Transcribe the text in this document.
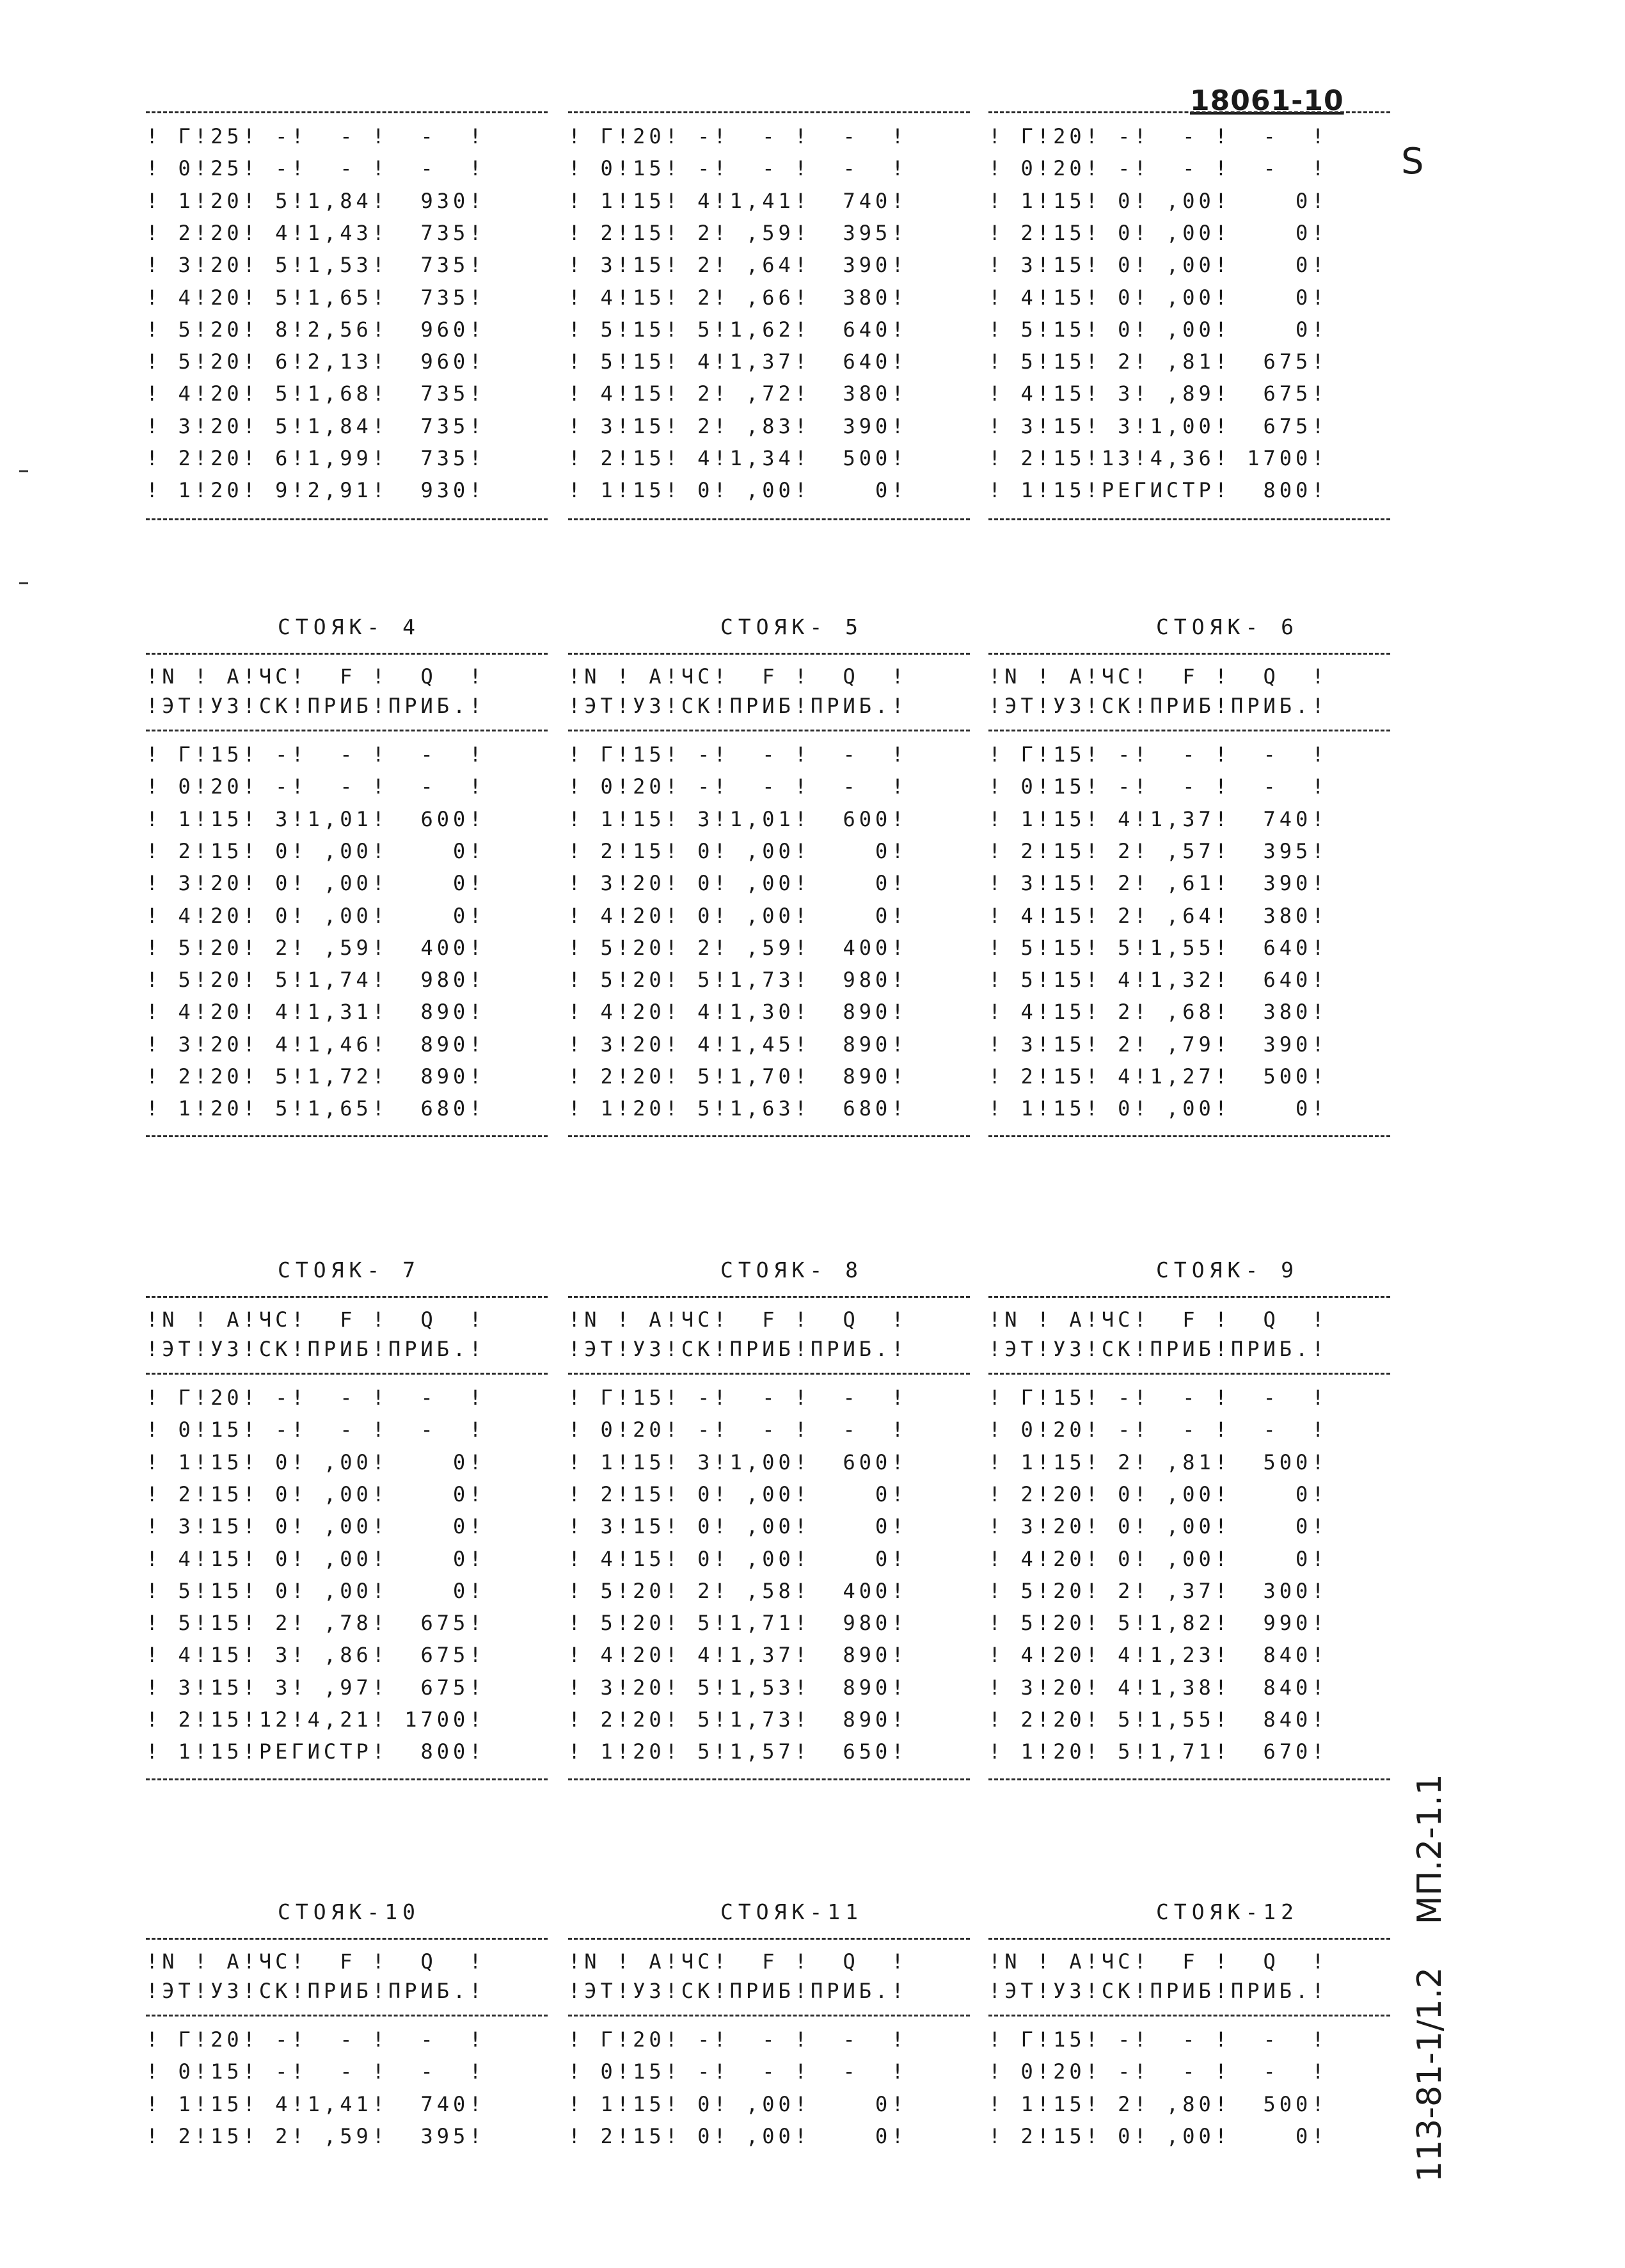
18061-10
S
113-81-1/1.2 МП.2-1.1
! Г!25! -!  - !  -  !
! 0!25! -!  - !  -  !
! 1!20! 5!1,84!  930!
! 2!20! 4!1,43!  735!
! 3!20! 5!1,53!  735!
! 4!20! 5!1,65!  735!
! 5!20! 8!2,56!  960!
! 5!20! 6!2,13!  960!
! 4!20! 5!1,68!  735!
! 3!20! 5!1,84!  735!
! 2!20! 6!1,99!  735!
! 1!20! 9!2,91!  930!
! Г!20! -!  - !  -  !
! 0!15! -!  - !  -  !
! 1!15! 4!1,41!  740!
! 2!15! 2! ,59!  395!
! 3!15! 2! ,64!  390!
! 4!15! 2! ,66!  380!
! 5!15! 5!1,62!  640!
! 5!15! 4!1,37!  640!
! 4!15! 2! ,72!  380!
! 3!15! 2! ,83!  390!
! 2!15! 4!1,34!  500!
! 1!15! 0! ,00!    0!
! Г!20! -!  - !  -  !
! 0!20! -!  - !  -  !
! 1!15! 0! ,00!    0!
! 2!15! 0! ,00!    0!
! 3!15! 0! ,00!    0!
! 4!15! 0! ,00!    0!
! 5!15! 0! ,00!    0!
! 5!15! 2! ,81!  675!
! 4!15! 3! ,89!  675!
! 3!15! 3!1,00!  675!
! 2!15!13!4,36! 1700!
! 1!15!РЕГИСТР!  800!
СТОЯК- 4
!N ! А!ЧС!  F !  Q  !
!ЭТ!УЗ!СК!ПРИБ!ПРИБ.!
! Г!15! -!  - !  -  !
! 0!20! -!  - !  -  !
! 1!15! 3!1,01!  600!
! 2!15! 0! ,00!    0!
! 3!20! 0! ,00!    0!
! 4!20! 0! ,00!    0!
! 5!20! 2! ,59!  400!
! 5!20! 5!1,74!  980!
! 4!20! 4!1,31!  890!
! 3!20! 4!1,46!  890!
! 2!20! 5!1,72!  890!
! 1!20! 5!1,65!  680!
СТОЯК- 5
!N ! А!ЧС!  F !  Q  !
!ЭТ!УЗ!СК!ПРИБ!ПРИБ.!
! Г!15! -!  - !  -  !
! 0!20! -!  - !  -  !
! 1!15! 3!1,01!  600!
! 2!15! 0! ,00!    0!
! 3!20! 0! ,00!    0!
! 4!20! 0! ,00!    0!
! 5!20! 2! ,59!  400!
! 5!20! 5!1,73!  980!
! 4!20! 4!1,30!  890!
! 3!20! 4!1,45!  890!
! 2!20! 5!1,70!  890!
! 1!20! 5!1,63!  680!
СТОЯК- 6
!N ! А!ЧС!  F !  Q  !
!ЭТ!УЗ!СК!ПРИБ!ПРИБ.!
! Г!15! -!  - !  -  !
! 0!15! -!  - !  -  !
! 1!15! 4!1,37!  740!
! 2!15! 2! ,57!  395!
! 3!15! 2! ,61!  390!
! 4!15! 2! ,64!  380!
! 5!15! 5!1,55!  640!
! 5!15! 4!1,32!  640!
! 4!15! 2! ,68!  380!
! 3!15! 2! ,79!  390!
! 2!15! 4!1,27!  500!
! 1!15! 0! ,00!    0!
СТОЯК- 7
!N ! А!ЧС!  F !  Q  !
!ЭТ!УЗ!СК!ПРИБ!ПРИБ.!
! Г!20! -!  - !  -  !
! 0!15! -!  - !  -  !
! 1!15! 0! ,00!    0!
! 2!15! 0! ,00!    0!
! 3!15! 0! ,00!    0!
! 4!15! 0! ,00!    0!
! 5!15! 0! ,00!    0!
! 5!15! 2! ,78!  675!
! 4!15! 3! ,86!  675!
! 3!15! 3! ,97!  675!
! 2!15!12!4,21! 1700!
! 1!15!РЕГИСТР!  800!
СТОЯК- 8
!N ! А!ЧС!  F !  Q  !
!ЭТ!УЗ!СК!ПРИБ!ПРИБ.!
! Г!15! -!  - !  -  !
! 0!20! -!  - !  -  !
! 1!15! 3!1,00!  600!
! 2!15! 0! ,00!    0!
! 3!15! 0! ,00!    0!
! 4!15! 0! ,00!    0!
! 5!20! 2! ,58!  400!
! 5!20! 5!1,71!  980!
! 4!20! 4!1,37!  890!
! 3!20! 5!1,53!  890!
! 2!20! 5!1,73!  890!
! 1!20! 5!1,57!  650!
СТОЯК- 9
!N ! А!ЧС!  F !  Q  !
!ЭТ!УЗ!СК!ПРИБ!ПРИБ.!
! Г!15! -!  - !  -  !
! 0!20! -!  - !  -  !
! 1!15! 2! ,81!  500!
! 2!20! 0! ,00!    0!
! 3!20! 0! ,00!    0!
! 4!20! 0! ,00!    0!
! 5!20! 2! ,37!  300!
! 5!20! 5!1,82!  990!
! 4!20! 4!1,23!  840!
! 3!20! 4!1,38!  840!
! 2!20! 5!1,55!  840!
! 1!20! 5!1,71!  670!
СТОЯК-10
!N ! А!ЧС!  F !  Q  !
!ЭТ!УЗ!СК!ПРИБ!ПРИБ.!
! Г!20! -!  - !  -  !
! 0!15! -!  - !  -  !
! 1!15! 4!1,41!  740!
! 2!15! 2! ,59!  395!
СТОЯК-11
!N ! А!ЧС!  F !  Q  !
!ЭТ!УЗ!СК!ПРИБ!ПРИБ.!
! Г!20! -!  - !  -  !
! 0!15! -!  - !  -  !
! 1!15! 0! ,00!    0!
! 2!15! 0! ,00!    0!
СТОЯК-12
!N ! А!ЧС!  F !  Q  !
!ЭТ!УЗ!СК!ПРИБ!ПРИБ.!
! Г!15! -!  - !  -  !
! 0!20! -!  - !  -  !
! 1!15! 2! ,80!  500!
! 2!15! 0! ,00!    0!
